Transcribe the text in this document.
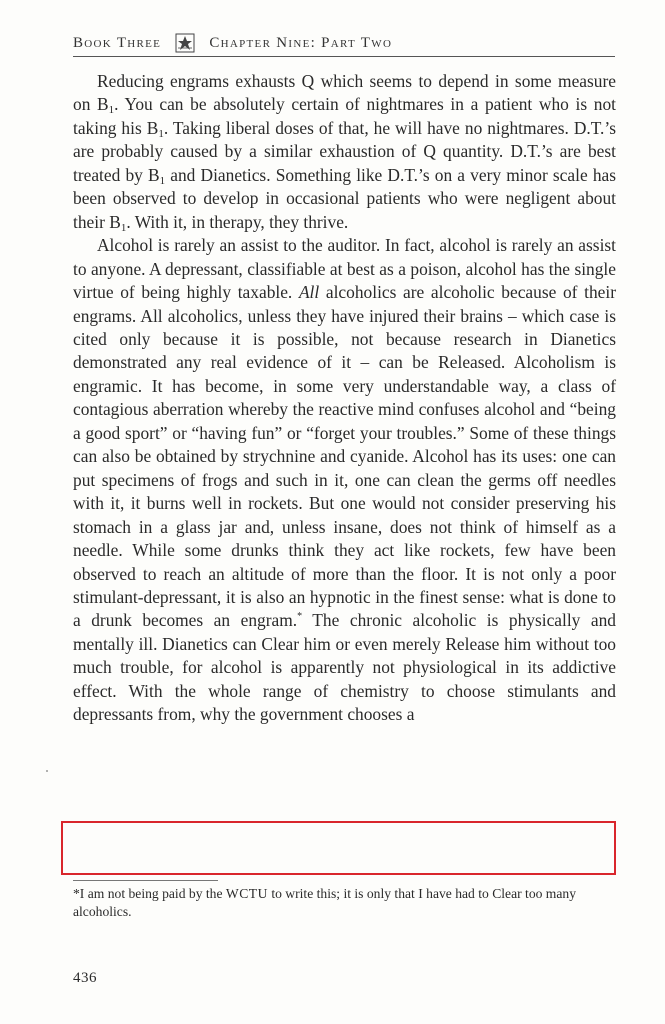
Book Three	Chapter Nine: Part Two

Reducing engrams exhausts Q which seems to depend in some measure on $B_1$. You can be absolutely certain of nightmares in a patient who is not taking his $B_1$. Taking liberal doses of that, he will have no nightmares. D.T.’s are probably caused by a similar exhaustion of Q quantity. D.T.’s are best treated by $B_1$ and Dianetics. Something like D.T.’s on a very minor scale has been observed to develop in occasional patients who were negligent about their $B_1$. With it, in therapy, they thrive.

Alcohol is rarely an assist to the auditor. In fact, alcohol is rarely an assist to anyone. A depressant, classifiable at best as a poison, alcohol has the single virtue of being highly taxable. All alcoholics are alcoholic because of their engrams. All alcoholics, unless they have injured their brains – which case is cited only because it is possible, not because research in Dianetics demonstrated any real evidence of it – can be Released. Alcoholism is engramic. It has become, in some very understandable way, a class of contagious aberration whereby the reactive mind confuses alcohol and “being a good sport” or “having fun” or “forget your troubles.” Some of these things can also be obtained by strychnine and cyanide. Alcohol has its uses: one can put specimens of frogs and such in it, one can clean the germs off needles with it, it burns well in rockets. But one would not consider preserving his stomach in a glass jar and, unless insane, does not think of himself as a needle. While some drunks think they act like rockets, few have been observed to reach an altitude of more than the floor. It is not only a poor stimulant-depressant, it is also an hypnotic in the finest sense: what is done to a drunk becomes an engram.* The chronic alcoholic is physically and mentally ill. Dianetics can Clear him or even merely Release him without too much trouble, for alcohol is apparently not physiological in its addictive effect. With the whole range of chemistry to choose stimulants and depressants from, why the government chooses a

*I am not being paid by the WCTU to write this; it is only that I have had to Clear too many alcoholics.
436
